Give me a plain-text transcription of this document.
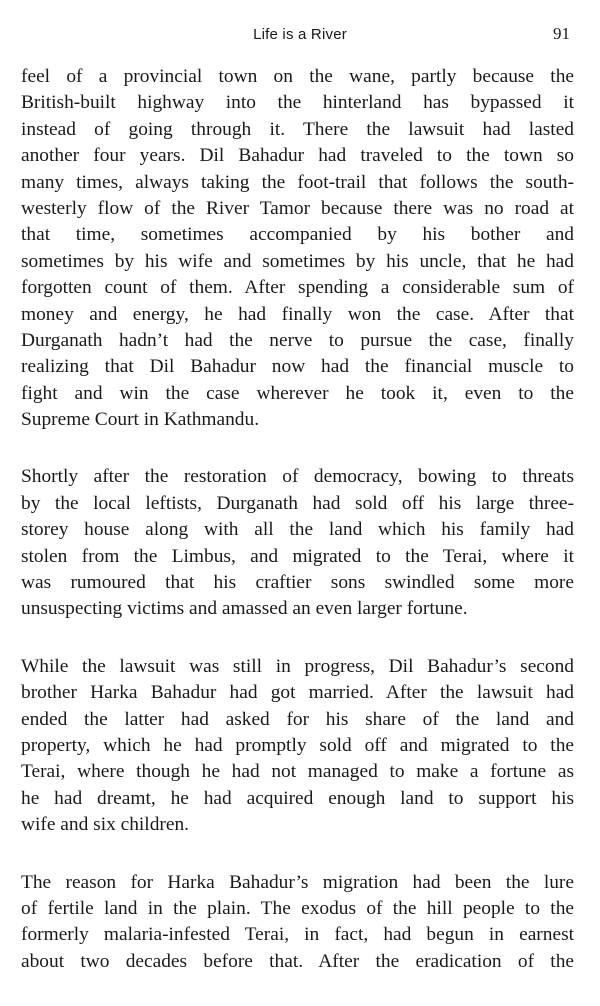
Life is a River	91
feel of a provincial town on the wane, partly because the
British-built highway into the hinterland has bypassed it
instead of going through it. There the lawsuit had lasted
another four years. Dil Bahadur had traveled to the town so
many times, always taking the foot-trail that follows the south-
westerly flow of the River Tamor because there was no road at
that time, sometimes accompanied by his bother and
sometimes by his wife and sometimes by his uncle, that he had
forgotten count of them. After spending a considerable sum of
money and energy, he had finally won the case. After that
Durganath hadn’t had the nerve to pursue the case, finally
realizing that Dil Bahadur now had the financial muscle to
fight and win the case wherever he took it, even to the
Supreme Court in Kathmandu.
Shortly after the restoration of democracy, bowing to threats
by the local leftists, Durganath had sold off his large three-
storey house along with all the land which his family had
stolen from the Limbus, and migrated to the Terai, where it
was rumoured that his craftier sons swindled some more
unsuspecting victims and amassed an even larger fortune.
While the lawsuit was still in progress, Dil Bahadur’s second
brother Harka Bahadur had got married. After the lawsuit had
ended the latter had asked for his share of the land and
property, which he had promptly sold off and migrated to the
Terai, where though he had not managed to make a fortune as
he had dreamt, he had acquired enough land to support his
wife and six children.
The reason for Harka Bahadur’s migration had been the lure
of fertile land in the plain. The exodus of the hill people to the
formerly malaria-infested Terai, in fact, had begun in earnest
about two decades before that. After the eradication of the
